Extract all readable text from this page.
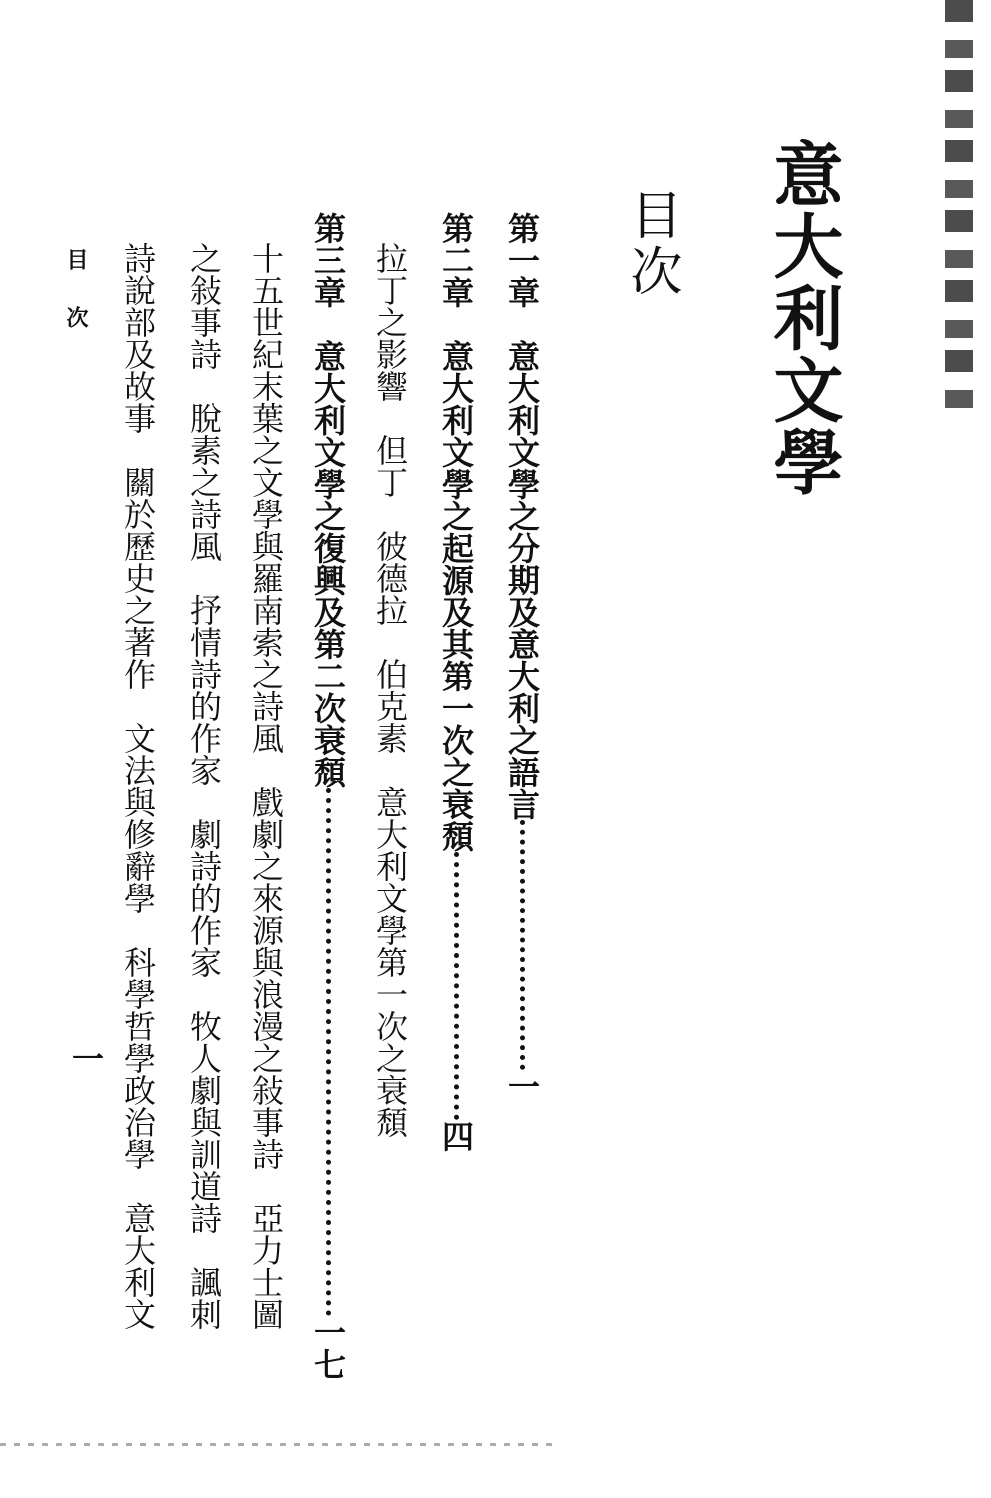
意大利文學
目次
第一章　意大利文學之分期及意大利之語言一
第二章　意大利文學之起源及其第一次之衰頹四
拉丁之影響　但丁　彼德拉　伯克素　意大利文學第一次之衰頹
第三章　意大利文學之復興及第二次衰頹一七
十五世紀末葉之文學與羅南索之詩風　戲劇之來源與浪漫之敍事詩　亞力士圖
之敍事詩　脫素之詩風　抒情詩的作家　劇詩的作家　牧人劇與訓道詩　諷刺
詩說部及故事　關於歷史之著作　文法與修辭學　科學哲學政治學　意大利文
目次
一
